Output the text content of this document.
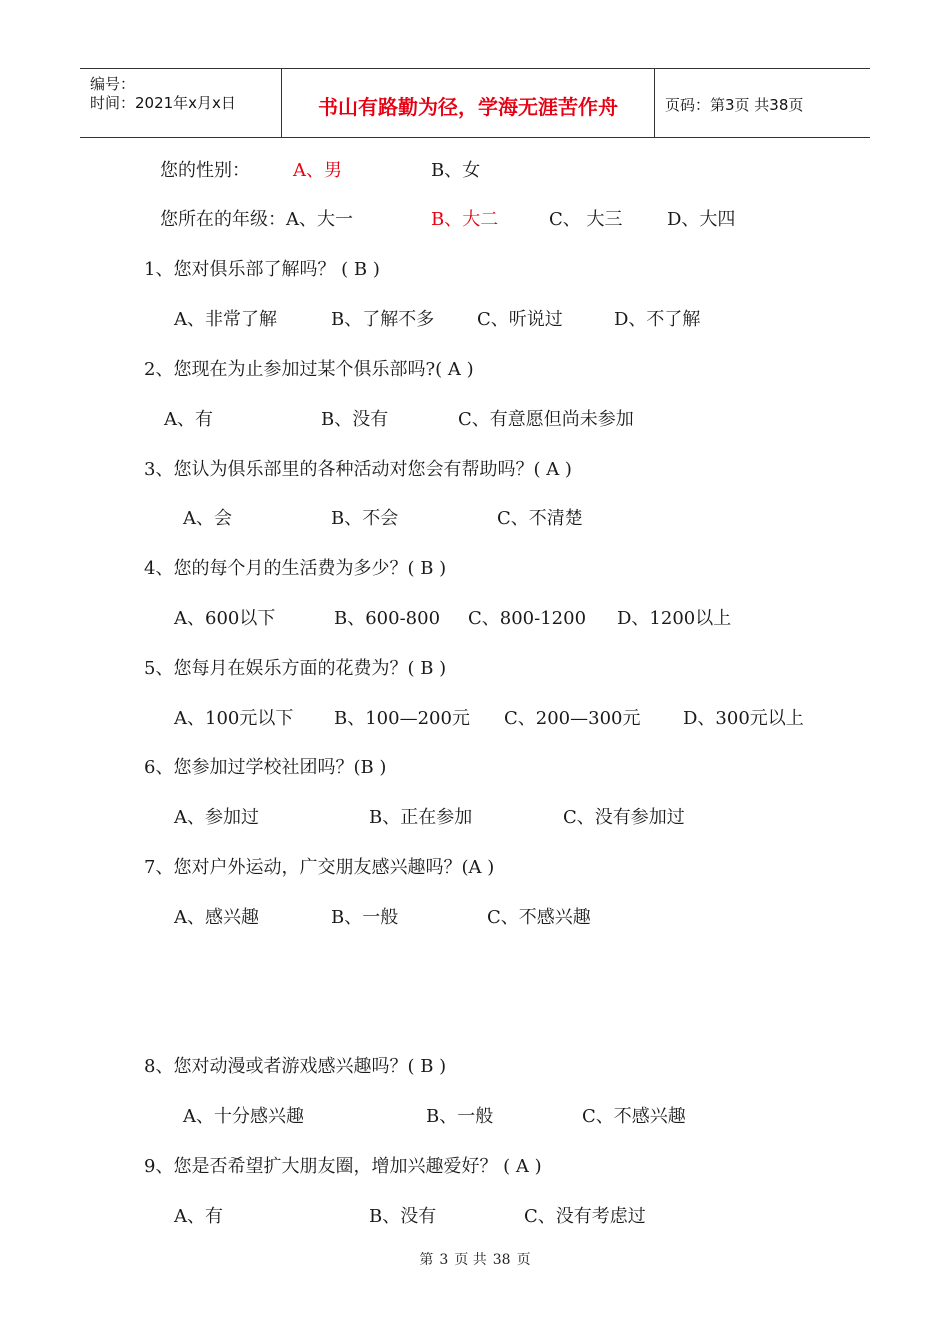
编号：
时间：2021年x月x日	书山有路勤为径，学海无涯苦作舟	页码：第3页 共38页
您的性别： A、男	B、女
您所在的年级：A、大一	B、大二	C、 大三 D、大四
1、您对俱乐部了解吗？ ( B )
A、非常了解	B、了解不多 C、听说过	D、不了解
2、您现在为止参加过某个俱乐部吗?( A )
A、有	B、没有	C、有意愿但尚未参加
3、您认为俱乐部里的各种活动对您会有帮助吗？( A )
A、会	B、不会	C、不清楚
4、您的每个月的生活费为多少？( B )
A、600以下	B、600-800 C、800-1200 D、1200以上
5、您每月在娱乐方面的花费为？( B )
A、100元以下 B、100—200元 C、200—300元 D、300元以上
6、您参加过学校社团吗？(B )
A、参加过	B、正在参加	C、没有参加过
7、您对户外运动，广交朋友感兴趣吗？(A )
A、感兴趣	B、一般	C、不感兴趣
8、您对动漫或者游戏感兴趣吗？( B )
A、十分感兴趣	B、一般	C、不感兴趣
9、您是否希望扩大朋友圈，增加兴趣爱好？ ( A )
A、有	B、没有	C、没有考虑过
第 3 页 共 38 页
